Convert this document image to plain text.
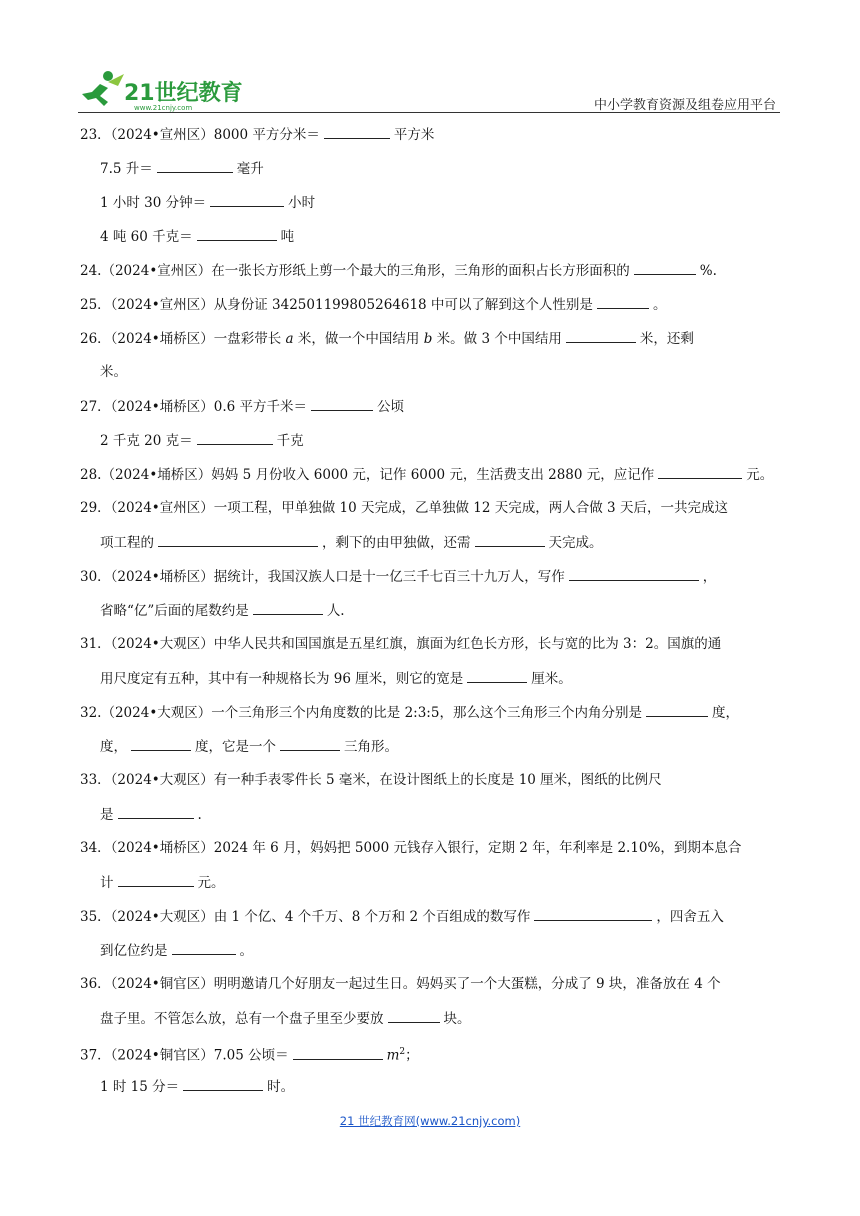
21世纪教育
www.21cnjy.com	中小学教育资源及组卷应用平台
23．（2024•宣州区）8000 平方分米＝	平方米
7.5 升＝	毫升
1 小时 30 分钟＝	小时
4 吨 60 千克＝	吨
24.（2024•宣州区）在一张长方形纸上剪一个最大的三角形，三角形的面积占长方形面积的	%.
25．（2024•宣州区）从身份证 342501199805264618 中可以了解到这个人性别是	。
26．（2024•埇桥区）一盘彩带长 a 米，做一个中国结用 b 米。做 3 个中国结用	米，还剩
米。
27．（2024•埇桥区）0.6 平方千米＝	公顷
2 千克 20 克＝	千克
28.（2024•埇桥区）妈妈 5 月份收入 6000 元，记作 6000 元，生活费支出 2880 元，应记作	元。
29．（2024•宣州区）一项工程，甲单独做 10 天完成，乙单独做 12 天完成，两人合做 3 天后，一共完成这
项工程的	，剩下的由甲独做，还需	天完成。
30．（2024•埇桥区）据统计，我国汉族人口是十一亿三千七百三十九万人，写作	，
省略“亿”后面的尾数约是	人.
31．（2024•大观区）中华人民共和国国旗是五星红旗，旗面为红色长方形，长与宽的比为 3：2。国旗的通
用尺度定有五种，其中有一种规格长为 96 厘米，则它的宽是	厘米。
32.（2024•大观区）一个三角形三个内角度数的比是 2:3:5，那么这个三角形三个内角分别是	度，
度，	度，它是一个	三角形。
33．（2024•大观区）有一种手表零件长 5 毫米，在设计图纸上的长度是 10 厘米，图纸的比例尺
是	.
34．（2024•埇桥区）2024 年 6 月，妈妈把 5000 元钱存入银行，定期 2 年，年利率是 2.10%，到期本息合
计	元。
35．（2024•大观区）由 1 个亿、4 个千万、8 个万和 2 个百组成的数写作	，四舍五入
到亿位约是	。
36．（2024•铜官区）明明邀请几个好朋友一起过生日。妈妈买了一个大蛋糕，分成了 9 块，准备放在 4 个
盘子里。不管怎么放，总有一个盘子里至少要放	块。
37．（2024•铜官区）7.05 公顷＝	$m^2$；
1 时 15 分＝	时。
21 世纪教育网(www.21cnjy.com)
